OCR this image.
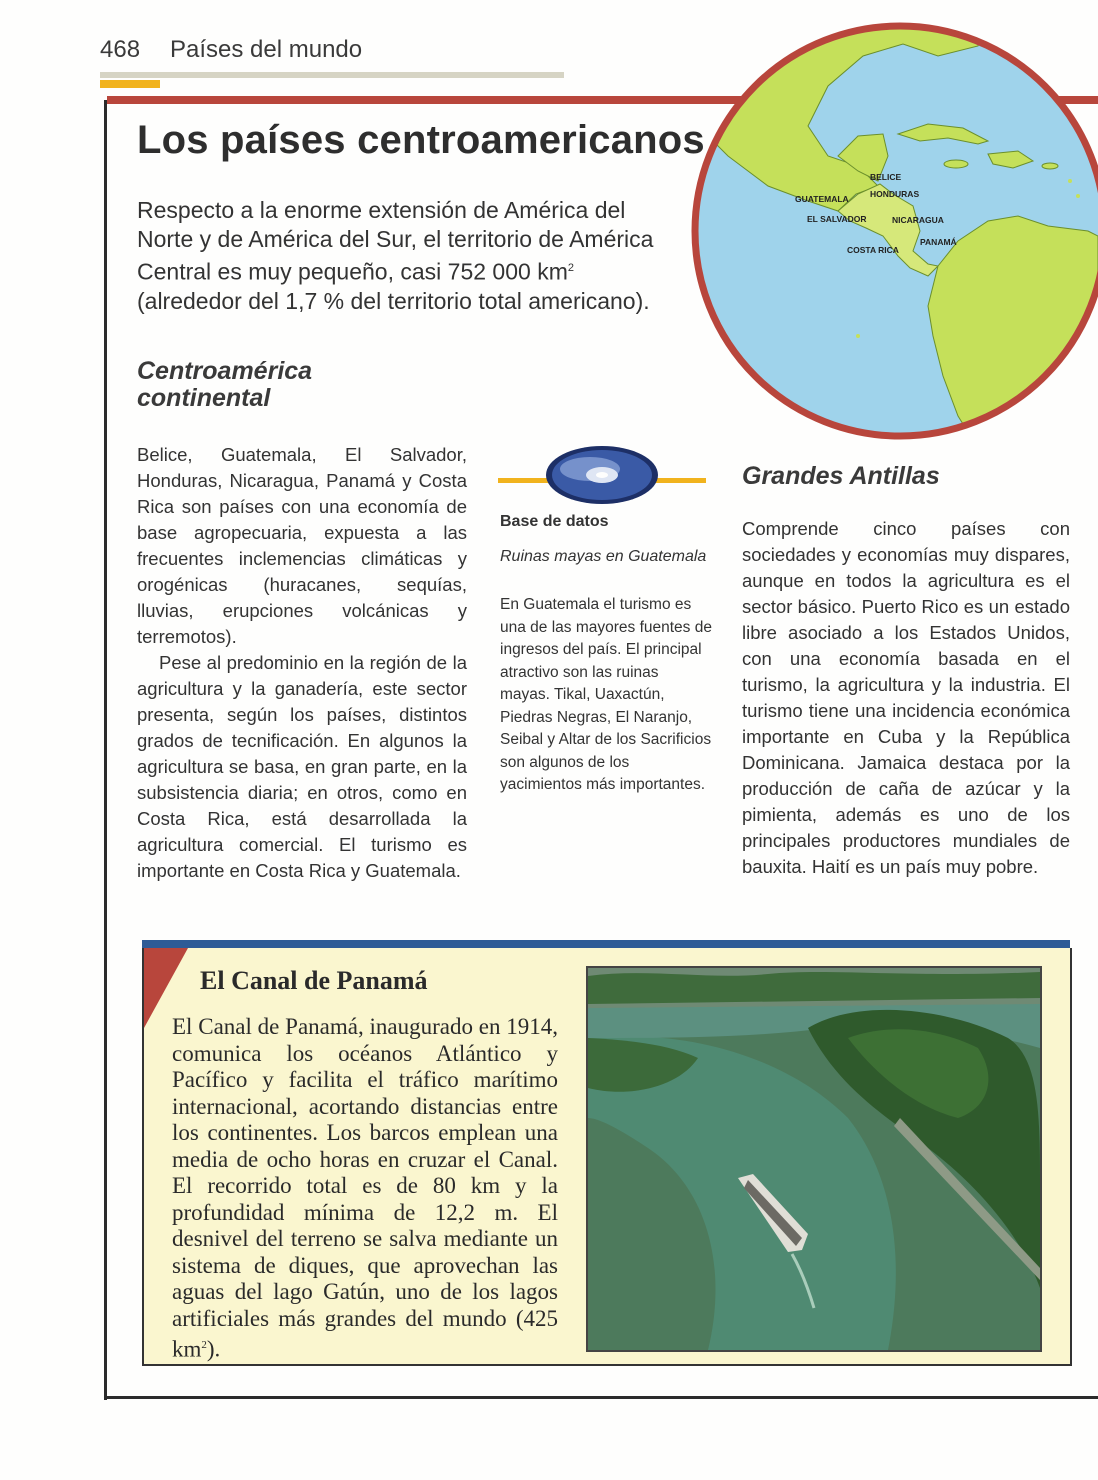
468 Países del mundo
BELICE
GUATEMALA	HONDURAS
EL SALVADOR	NICARAGUA
COSTA RICA
PANAMÁ
Los países centroamericanos
Respecto a la enorme extensión de América del Norte y de América del Sur, el territorio de América Central es muy pequeño, casi 752 000 $km^2$ (alrededor del 1,7 % del territorio total americano).
Centroamérica continental

Belice, Guatemala, El Salvador, Honduras, Nicaragua, Panamá y Costa Rica son países con una economía de base agropecuaria, expuesta a las frecuentes inclemencias climáticas y orogénicas (huracanes, sequías, lluvias, erupciones volcánicas y terremotos).

Pese al predominio en la región de la agricultura y la ganadería, este sector presenta, según los países, distintos grados de tecnificación. En algunos la agricultura se basa, en gran parte, en la subsistencia diaria; en otros, como en Costa Rica, está desarrollada la agricultura comercial. El turismo es importante en Costa Rica y Guatemala.

Base de datos
Ruinas mayas en Guatemala
En Guatemala el turismo es una de las mayores fuentes de ingresos del país. El principal atractivo son las ruinas mayas. Tikal, Uaxactún, Piedras Negras, El Naranjo, Seibal y Altar de los Sacrificios son algunos de los yacimientos más importantes.
Grandes Antillas
Comprende cinco países con sociedades y economías muy dispares, aunque en todos la agricultura es el sector básico. Puerto Rico es un estado libre asociado a los Estados Unidos, con una economía basada en el turismo, la agricultura y la industria. El turismo tiene una incidencia económica importante en Cuba y la República Dominicana. Jamaica destaca por la producción de caña de azúcar y la pimienta, además es uno de los principales productores mundiales de bauxita. Haití es un país muy pobre.
El Canal de Panamá
El Canal de Panamá, inaugurado en 1914, comunica los océanos Atlántico y Pacífico y facilita el tráfico marítimo internacional, acortando distancias entre los continentes. Los barcos emplean una media de ocho horas en cruzar el Canal. El recorrido total es de 80 km y la profundidad mínima de 12,2 m. El desnivel del terreno se salva mediante un sistema de diques, que aprovechan las aguas del lago Gatún, uno de los lagos artificiales más grandes del mundo (425 $km^2$).
